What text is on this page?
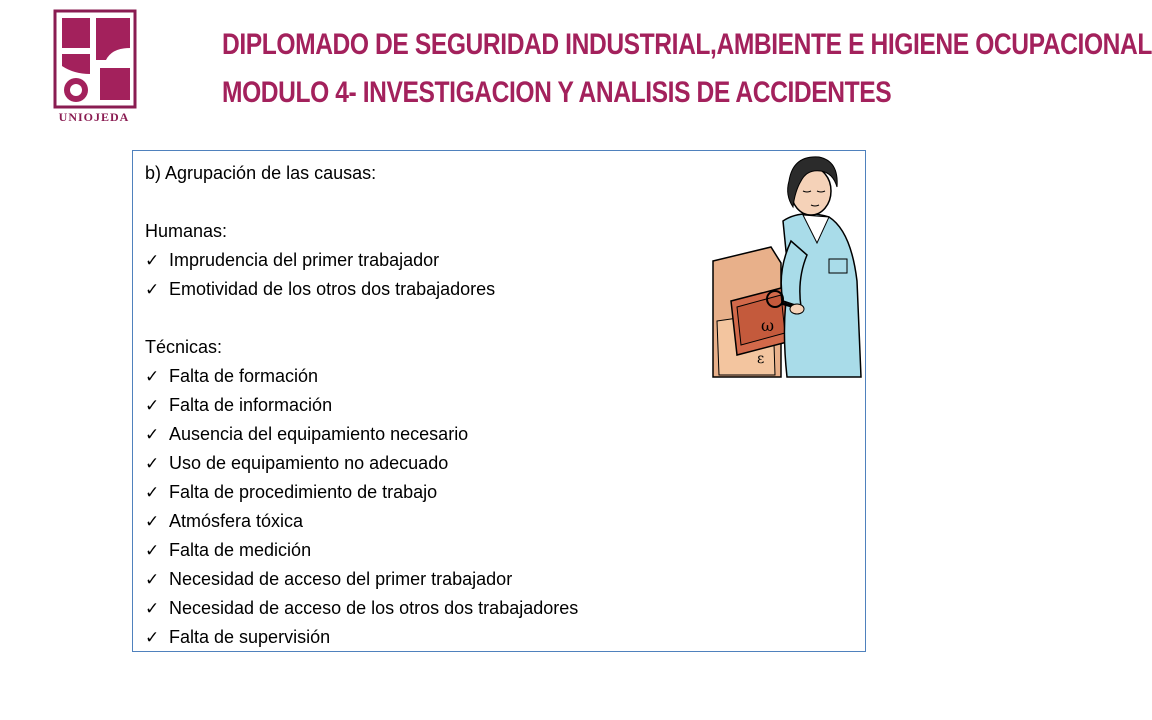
UNIOJEDA
DIPLOMADO DE SEGURIDAD INDUSTRIAL,AMBIENTE E HIGIENE OCUPACIONAL
MODULO 4- INVESTIGACION Y ANALISIS DE ACCIDENTES
b) Agrupación de las causas:
Humanas:
✓ Imprudencia del primer trabajador
✓ Emotividad de los otros dos trabajadores
Técnicas:
✓ Falta de formación
✓ Falta de información
✓ Ausencia del equipamiento necesario
✓ Uso de equipamiento no adecuado
✓ Falta de procedimiento de trabajo
✓ Atmósfera tóxica
✓ Falta de medición
✓ Necesidad de acceso del primer trabajador
✓ Necesidad de acceso de los otros dos trabajadores
✓ Falta de supervisión
ω
ε
